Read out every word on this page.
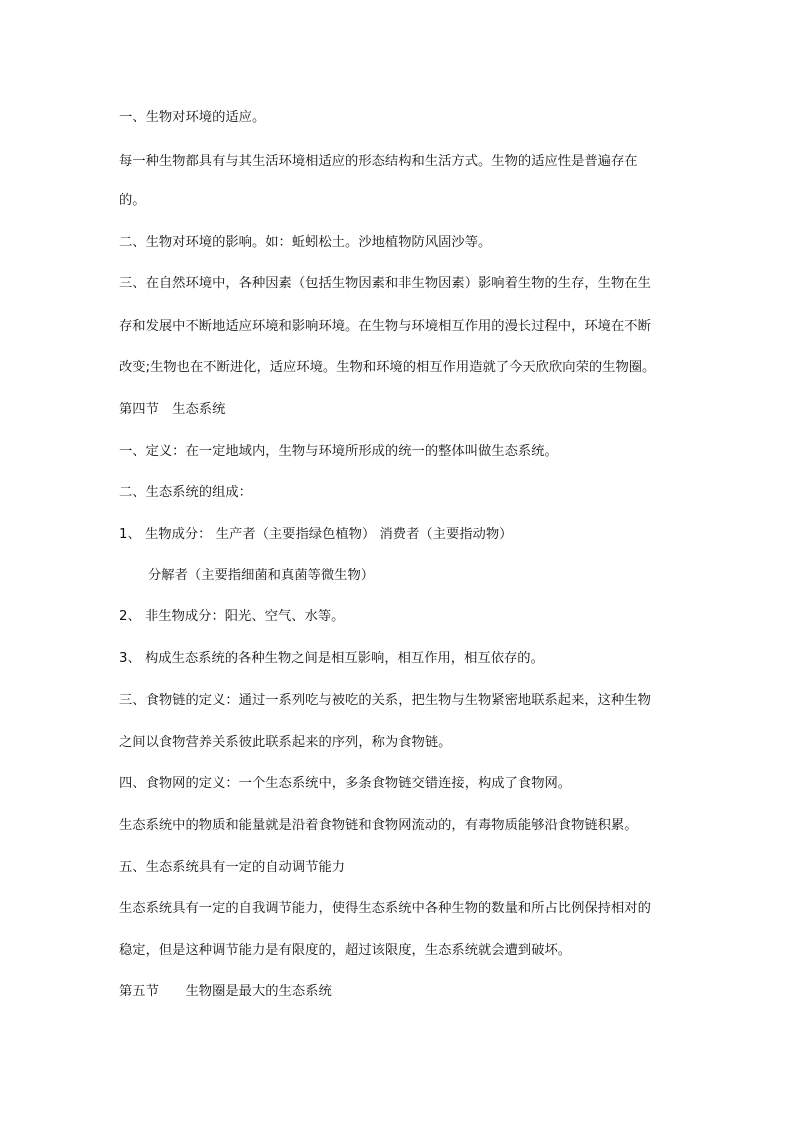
一、生物对环境的适应。
每一种生物都具有与其生活环境相适应的形态结构和生活方式。生物的适应性是普遍存在
的。
二、生物对环境的影响。如：蚯蚓松土。沙地植物防风固沙等。
三、在自然环境中，各种因素（包括生物因素和非生物因素）影响着生物的生存，生物在生
存和发展中不断地适应环境和影响环境。在生物与环境相互作用的漫长过程中，环境在不断
改变;生物也在不断进化，适应环境。生物和环境的相互作用造就了今天欣欣向荣的生物圈。
第四节　生态系统
一、定义：在一定地域内，生物与环境所形成的统一的整体叫做生态系统。
二、生态系统的组成：
1、 生物成分： 生产者（主要指绿色植物） 消费者（主要指动物）
分解者（主要指细菌和真菌等微生物）
2、 非生物成分：阳光、空气、水等。
3、 构成生态系统的各种生物之间是相互影响，相互作用，相互依存的。
三、食物链的定义：通过一系列吃与被吃的关系，把生物与生物紧密地联系起来，这种生物
之间以食物营养关系彼此联系起来的序列，称为食物链。
四、食物网的定义：一个生态系统中，多条食物链交错连接，构成了食物网。
生态系统中的物质和能量就是沿着食物链和食物网流动的，有毒物质能够沿食物链积累。
五、生态系统具有一定的自动调节能力
生态系统具有一定的自我调节能力，使得生态系统中各种生物的数量和所占比例保持相对的
稳定，但是这种调节能力是有限度的，超过该限度，生态系统就会遭到破坏。
第五节　　生物圈是最大的生态系统
